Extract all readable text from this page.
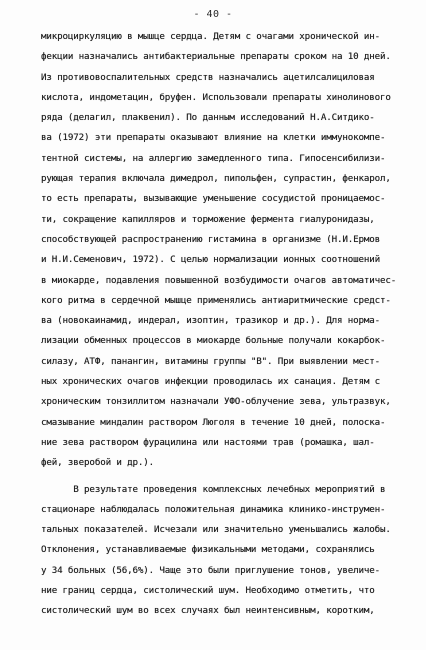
- 40 -
микроциркуляцию в мышце сердца. Детям с очагами хронической ин-
фекции назначались антибактериальные препараты сроком на 10 дней.
Из противовоспалительных средств назначались ацетилсалициловая
кислота, индометацин, бруфен. Использовали препараты хинолинового
ряда (делагил, плаквенил). По данным исследований Н.А.Ситдико-
ва (1972) эти препараты оказывают влияние на клетки иммунокомпе-
тентной системы, на аллергию замедленного типа. Гипосенсибилизи-
рующая терапия включала димедрол, пипольфен, супрастин, фенкарол,
то есть препараты, вызывающие уменьшение сосудистой проницаемос-
ти, сокращение капилляров и торможение фермента гиалуронидазы,
способствующей распространению гистамина в организме (Н.И.Ермов
и Н.И.Семенович, 1972). С целью нормализации ионных соотношений
в миокарде, подавления повышенной возбудимости очагов автоматичес-
кого ритма в сердечной мышце применялись антиаритмические средст-
ва (новокаинамид, индерал, изоптин, тразикор и др.). Для норма-
лизации обменных процессов в миокарде больные получали кокарбок-
силазу, АТФ, панангин, витамины группы "В". При выявлении мест-
ных хронических очагов инфекции проводилась их санация. Детям с
хроническим тонзиллитом назначали УФО-облучение зева, ультразвук,
смазывание миндалин раствором Люголя в течение 10 дней, полоска-
ние зева раствором фурацилина или настоями трав (ромашка, шал-
фей, зверобой и др.).
В результате проведения комплексных лечебных мероприятий в
стационаре наблюдалась положительная динамика клинико-инструмен-
тальных показателей. Исчезали или значительно уменьшались жалобы.
Отклонения, устанавливаемые физикальными методами, сохранялись
у 34 больных (56,6%). Чаще это были приглушение тонов, увеличе-
ние границ сердца, систолический шум. Необходимо отметить, что
систолический шум во всех случаях был неинтенсивным, коротким,
